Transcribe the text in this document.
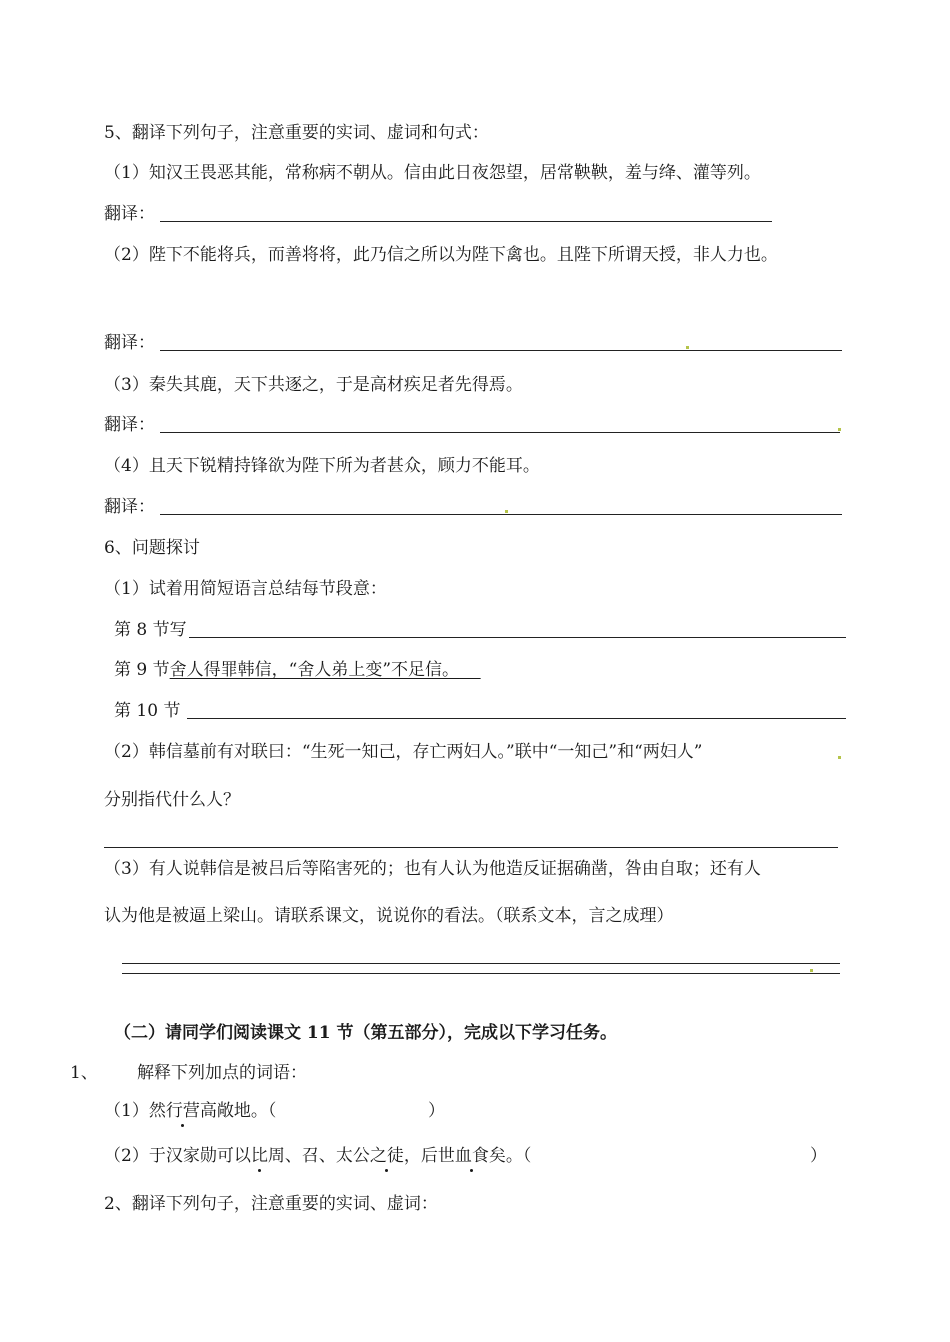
5、翻译下列句子，注意重要的实词、虚词和句式：
（1）知汉王畏恶其能，常称病不朝从。信由此日夜怨望，居常鞅鞅，羞与绛、灌等列。
翻译：
（2）陛下不能将兵，而善将将，此乃信之所以为陛下禽也。且陛下所谓天授，非人力也。
翻译：
（3）秦失其鹿，天下共逐之，于是高材疾足者先得焉。
翻译：
（4）且天下锐精持锋欲为陛下所为者甚众，顾力不能耳。
翻译：
6、问题探讨
（1）试着用简短语言总结每节段意：
第 8 节写
第 9 节舍人得罪韩信，“舍人弟上变”不足信。
第 10 节
（2）韩信墓前有对联曰：“生死一知己，存亡两妇人。”联中“一知己”和“两妇人”
分别指代什么人？
（3）有人说韩信是被吕后等陷害死的；也有人认为他造反证据确凿，咎由自取；还有人
认为他是被逼上梁山。请联系课文，说说你的看法。（联系文本，言之成理）
（二）请同学们阅读课文 11 节（第五部分），完成以下学习任务。
1、 解释下列加点的词语：
（1）然行营高敞地。（	）
（2）于汉家勋可以比周、召、太公之徒，后世血食矣。（	）
2、翻译下列句子，注意重要的实词、虚词：
